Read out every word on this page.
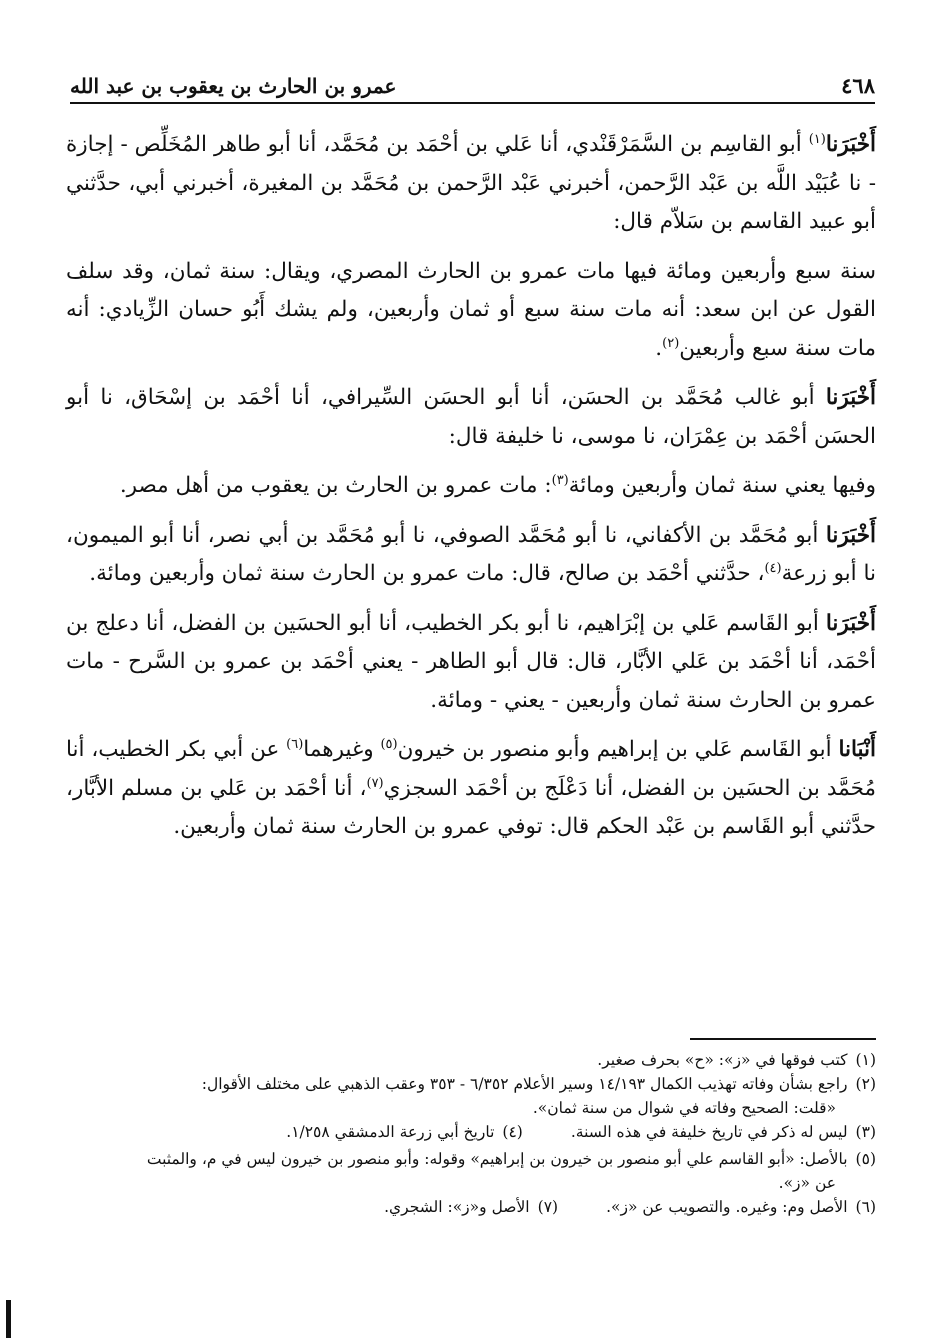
٤٦٨
عمرو بن الحارث بن يعقوب بن عبد الله

أَخْبَرَنا$^{(١)}$ أبو القاسِم بن السَّمَرْقَنْدي، أنا عَلي بن أحْمَد بن مُحَمَّد، أنا أبو طاهر المُخَلِّص - إجازة - نا عُبَيْد اللَّه بن عَبْد الرَّحمن، أخبرني عَبْد الرَّحمن بن مُحَمَّد بن المغيرة، أخبرني أبي، حدَّثني أبو عبيد القاسم بن سَلاّم قال:

سنة سبع وأربعين ومائة فيها مات عمرو بن الحارث المصري، ويقال: سنة ثمان، وقد سلف القول عن ابن سعد: أنه مات سنة سبع أو ثمان وأربعين، ولم يشك أَبُو حسان الزِّيادي: أنه مات سنة سبع وأربعين$^{(٢)}$.

أَخْبَرَنا أبو غالب مُحَمَّد بن الحسَن، أنا أبو الحسَن السِّيرافي، أنا أحْمَد بن إسْحَاق، نا أبو الحسَن أحْمَد بن عِمْرَان، نا موسى، نا خليفة قال:

وفيها يعني سنة ثمان وأربعين ومائة$^{(٣)}$: مات عمرو بن الحارث بن يعقوب من أهل مصر.

أَخْبَرَنا أبو مُحَمَّد بن الأكفاني، نا أبو مُحَمَّد الصوفي، نا أبو مُحَمَّد بن أبي نصر، أنا أبو الميمون، نا أبو زرعة$^{(٤)}$، حدَّثني أحْمَد بن صالح، قال: مات عمرو بن الحارث سنة ثمان وأربعين ومائة.

أَخْبَرَنا أبو القَاسم عَلي بن إبْرَاهيم، نا أبو بكر الخطيب، أنا أبو الحسَين بن الفضل، أنا دعلج بن أحْمَد، أنا أحْمَد بن عَلي الأبَّار، قال: قال أبو الطاهر - يعني أحْمَد بن عمرو بن السَّرح - مات عمرو بن الحارث سنة ثمان وأربعين - يعني - ومائة.

أَنْبَانا أبو القَاسم عَلي بن إبراهيم وأبو منصور بن خيرون$^{(٥)}$ وغيرهما$^{(٦)}$ عن أبي بكر الخطيب، أنا مُحَمَّد بن الحسَين بن الفضل، أنا دَعْلَج بن أحْمَد السجزي$^{(٧)}$، أنا أحْمَد بن عَلي بن مسلم الأبَّار، حدَّثني أبو القَاسم بن عَبْد الحكم قال: توفي عمرو بن الحارث سنة ثمان وأربعين.

(١)كتب فوقها في «ز»: «ح» بحرف صغير.
(٢)راجع بشأن وفاته تهذيب الكمال ١٤/١٩٣ وسير الأعلام ٦/٣٥٢ - ٣٥٣ وعقب الذهبي على مختلف الأقوال:
«قلت: الصحيح وفاته في شوال من سنة ثمان».
(٣)ليس له ذكر في تاريخ خليفة في هذه السنة.
(٤)تاريخ أبي زرعة الدمشقي ١/٢٥٨.
(٥)بالأصل: «أبو القاسم علي أبو منصور بن خيرون بن إبراهيم» وقوله: وأبو منصور بن خيرون ليس في م، والمثبت
عن «ز».
(٦)الأصل وم: وغيره. والتصويب عن «ز».
(٧)الأصل و«ز»: الشجري.
